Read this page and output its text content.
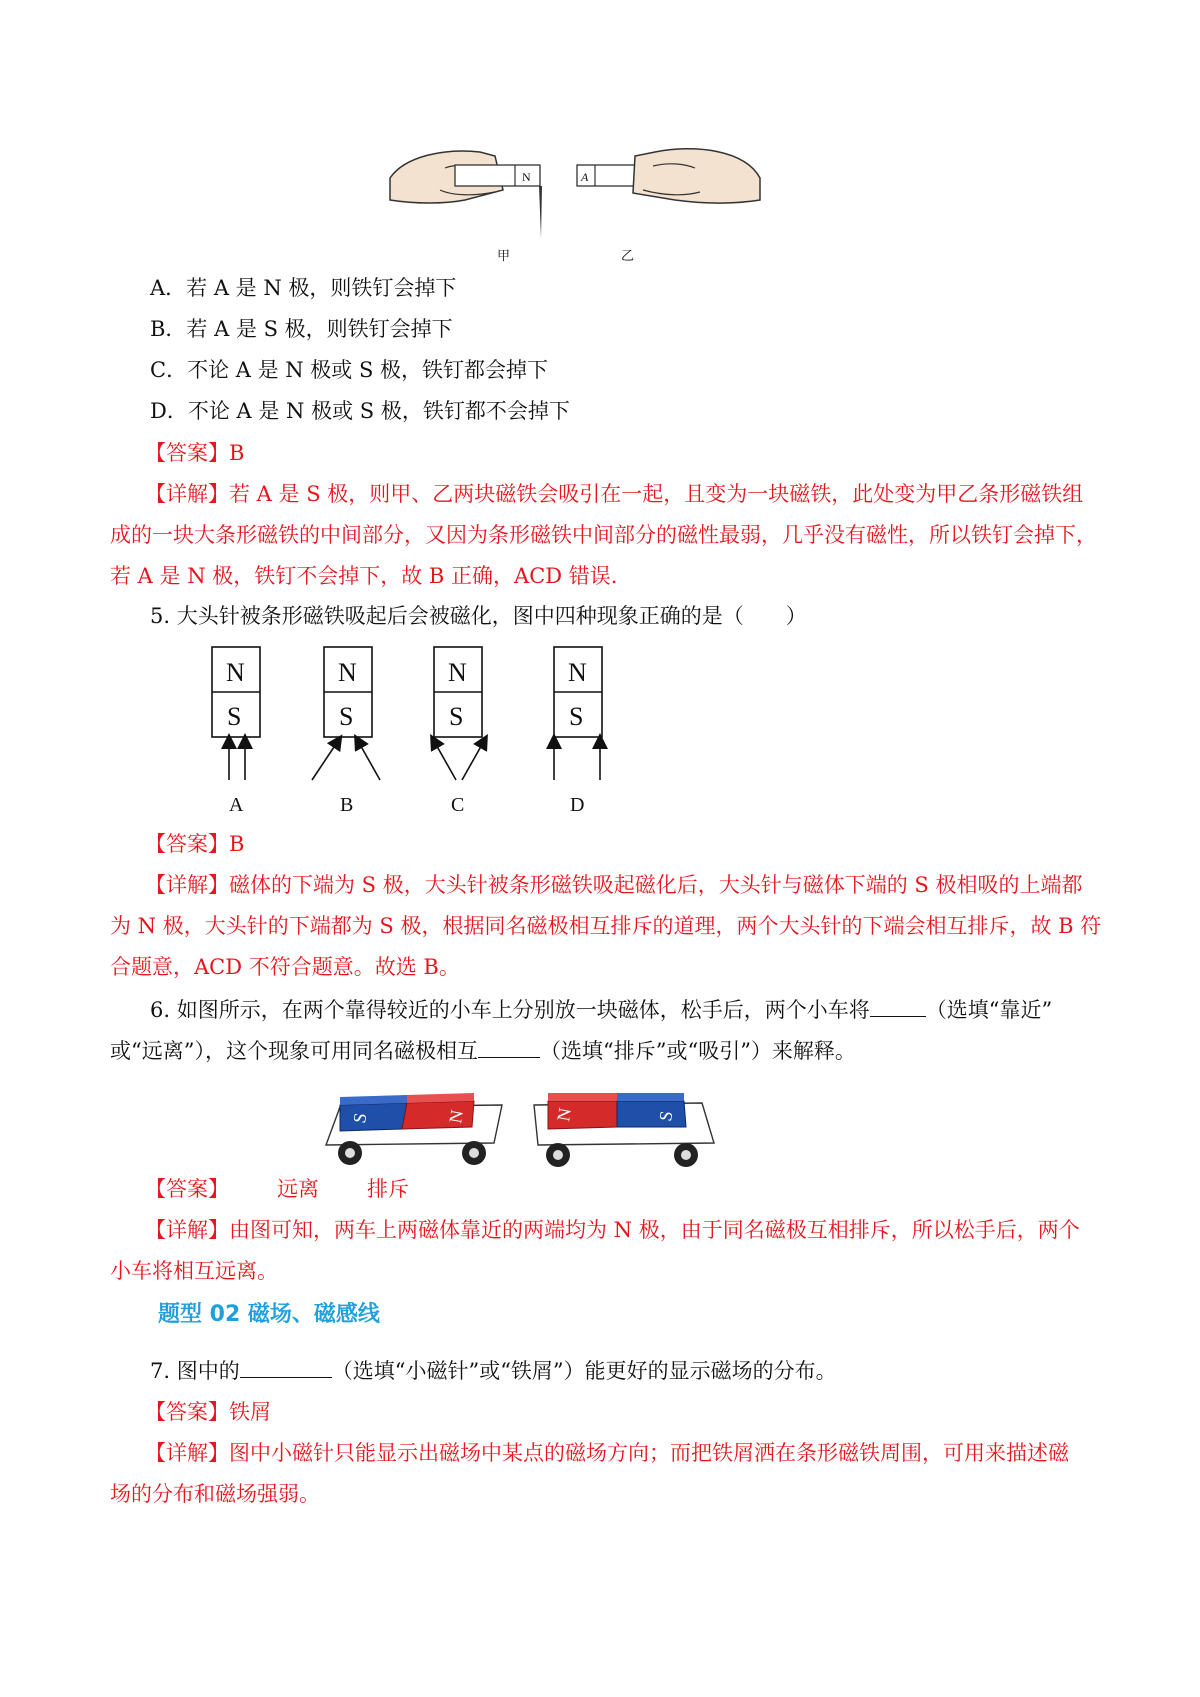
N	A
甲	乙
A．若 A 是 N 极，则铁钉会掉下
B．若 A 是 S 极，则铁钉会掉下
C．不论 A 是 N 极或 S 极，铁钉都会掉下
D．不论 A 是 N 极或 S 极，铁钉都不会掉下
【答案】B
【详解】若 A 是 S 极，则甲、乙两块磁铁会吸引在一起，且变为一块磁铁，此处变为甲乙条形磁铁组
成的一块大条形磁铁的中间部分，又因为条形磁铁中间部分的磁性最弱，几乎没有磁性，所以铁钉会掉下，
若 A 是 N 极，铁钉不会掉下，故 B 正确，ACD 错误.
5. 大头针被条形磁铁吸起后会被磁化，图中四种现象正确的是（　　）
N
S
A
N
S
B
N
S
C
N
S
D
【答案】B
【详解】磁体的下端为 S 极，大头针被条形磁铁吸起磁化后，大头针与磁体下端的 S 极相吸的上端都
为 N 极，大头针的下端都为 S 极，根据同名磁极相互排斥的道理，两个大头针的下端会相互排斥，故 B 符
合题意，ACD 不符合题意。故选 B。
6. 如图所示，在两个靠得较近的小车上分别放一块磁体，松手后，两个小车将	（选填“靠近”
或“远离”），这个现象可用同名磁极相互	（选填“排斥”或“吸引”）来解释。
S	N	N	S
【答案】 远离 排斥
【详解】由图可知，两车上两磁体靠近的两端均为 N 极，由于同名磁极互相排斥，所以松手后，两个
小车将相互远离。
题型 02 磁场、磁感线
7. 图中的	（选填“小磁针”或“铁屑”）能更好的显示磁场的分布。
【答案】铁屑
【详解】图中小磁针只能显示出磁场中某点的磁场方向；而把铁屑洒在条形磁铁周围，可用来描述磁
场的分布和磁场强弱。
